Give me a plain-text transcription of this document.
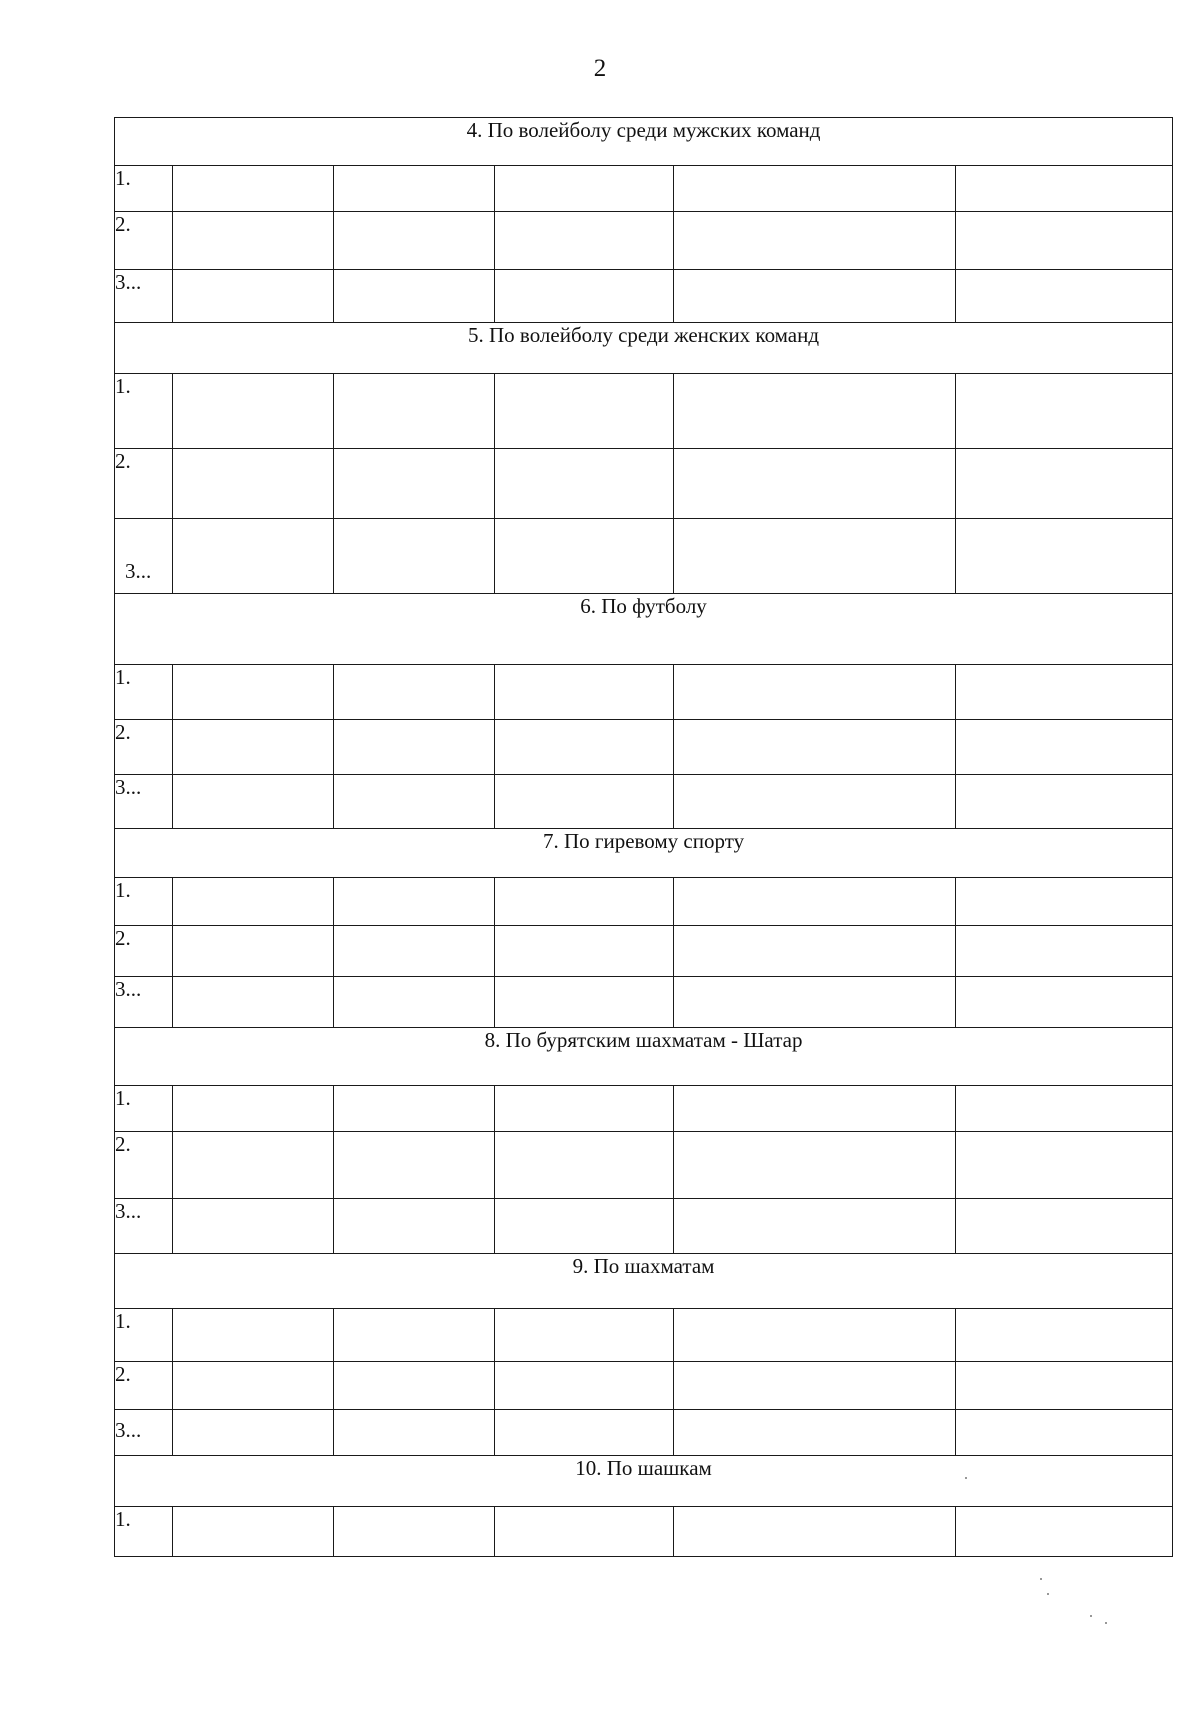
2
4. По волейболу среди мужских команд					
1.					
2.					
3...					
5. По волейболу среди женских команд					
1.					
2.					
3...					
6. По футболу					
1.					
2.					
3...					
7. По гиревому спорту					
1.					
2.					
3...					
8. По бурятским шахматам - Шатар					
1.					
2.					
3...					
9. По шахматам					
1.					
2.					
3...					
10. По шашкам					
1.					
